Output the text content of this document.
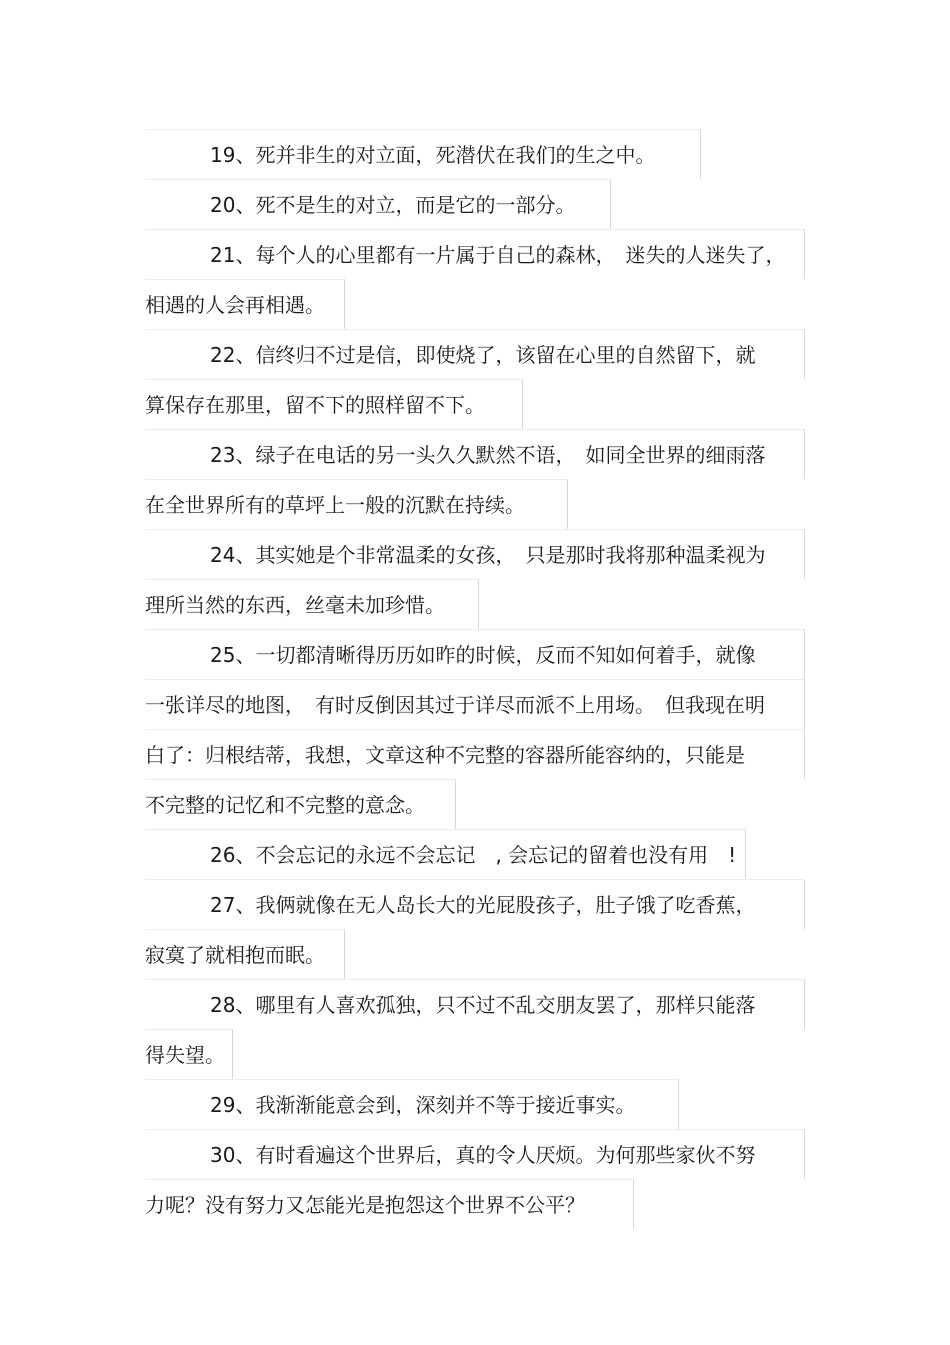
19、死并非生的对立面，死潜伏在我们的生之中。
20、死不是生的对立，而是它的一部分。
21、每个人的心里都有一片属于自己的森林，　迷失的人迷失了，
相遇的人会再相遇。
22、信终归不过是信，即使烧了，该留在心里的自然留下，就
算保存在那里，留不下的照样留不下。
23、绿子在电话的另一头久久默然不语，　如同全世界的细雨落
在全世界所有的草坪上一般的沉默在持续。
24、其实她是个非常温柔的女孩，　只是那时我将那种温柔视为
理所当然的东西，丝毫未加珍惜。
25、一切都清晰得历历如昨的时候，反而不知如何着手，就像
一张详尽的地图，　有时反倒因其过于详尽而派不上用场。　但我现在明
白了：归根结蒂，我想，文章这种不完整的容器所能容纳的，只能是
不完整的记忆和不完整的意念。
26、不会忘记的永远不会忘记　, 会忘记的留着也没有用　!
27、我俩就像在无人岛长大的光屁股孩子，肚子饿了吃香蕉，
寂寞了就相抱而眠。
28、哪里有人喜欢孤独，只不过不乱交朋友罢了，那样只能落
得失望。
29、我渐渐能意会到，深刻并不等于接近事实。
30、有时看遍这个世界后，真的令人厌烦。为何那些家伙不努
力呢？没有努力又怎能光是抱怨这个世界不公平？
